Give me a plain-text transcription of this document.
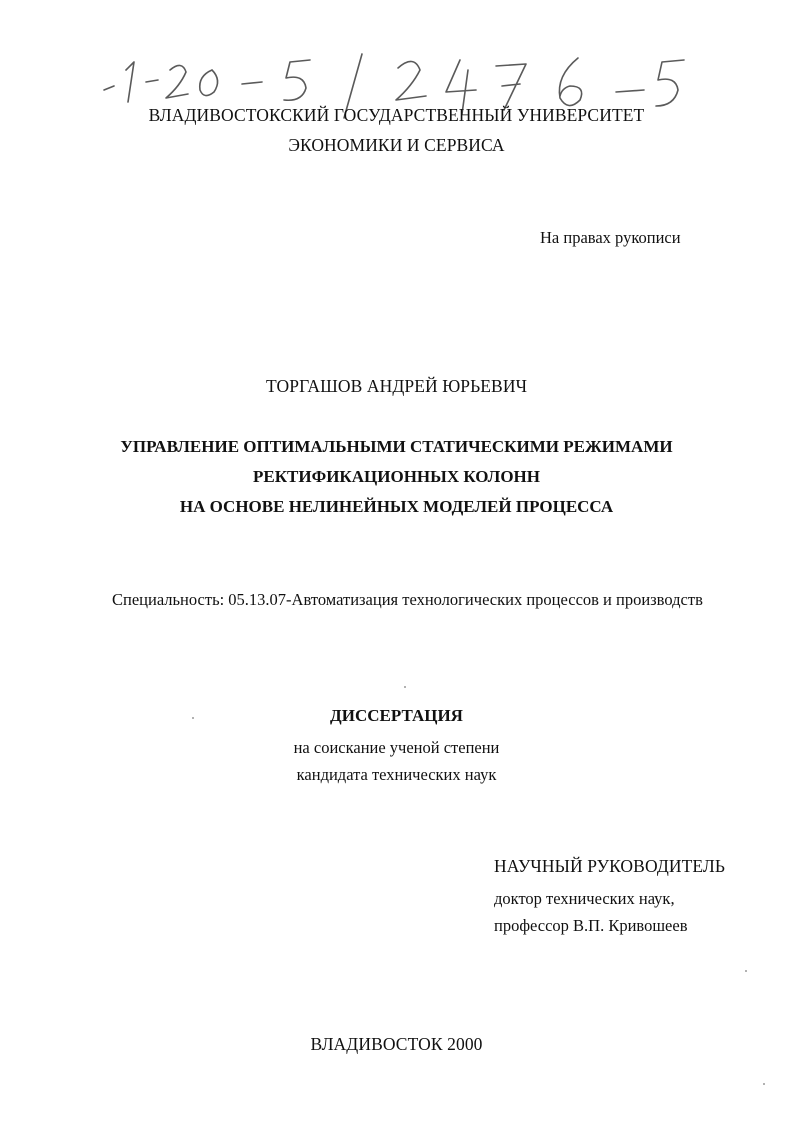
ВЛАДИВОСТОКСКИЙ ГОСУДАРСТВЕННЫЙ УНИВЕРСИТЕТ
ЭКОНОМИКИ И СЕРВИСА
На правах рукописи
ТОРГАШОВ АНДРЕЙ ЮРЬЕВИЧ
УПРАВЛЕНИЕ ОПТИМАЛЬНЫМИ СТАТИЧЕСКИМИ РЕЖИМАМИ
РЕКТИФИКАЦИОННЫХ КОЛОНН
НА ОСНОВЕ НЕЛИНЕЙНЫХ МОДЕЛЕЙ ПРОЦЕССА
Специальность: 05.13.07-Автоматизация технологических процессов и производств
ДИССЕРТАЦИЯ
на соискание ученой степени
кандидата технических наук
НАУЧНЫЙ РУКОВОДИТЕЛЬ
доктор технических наук,
профессор В.П. Кривошеев
ВЛАДИВОСТОК 2000
